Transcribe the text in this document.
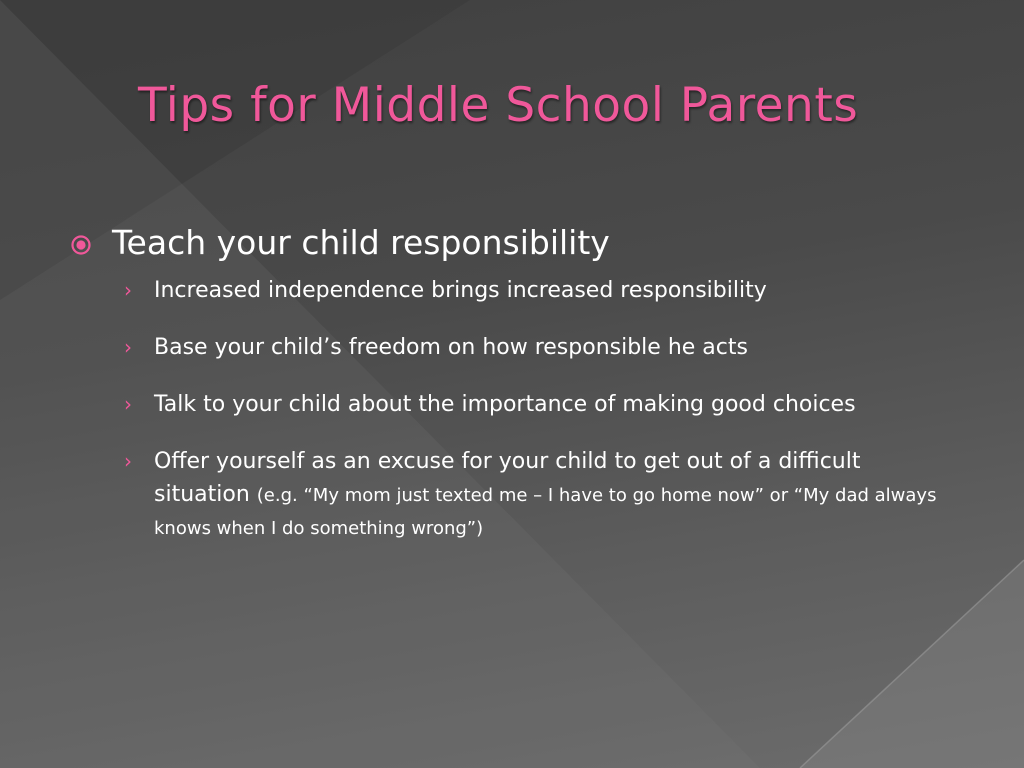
Tips for Middle School Parents
Teach your child responsibility
› Increased independence brings increased responsibility
› Base your child’s freedom on how responsible he acts
› Talk to your child about the importance of making good choices
› Offer yourself as an excuse for your child to get out of a difficult situation (e.g. “My mom just texted me – I have to go home now” or “My dad always knows when I do something wrong”)
